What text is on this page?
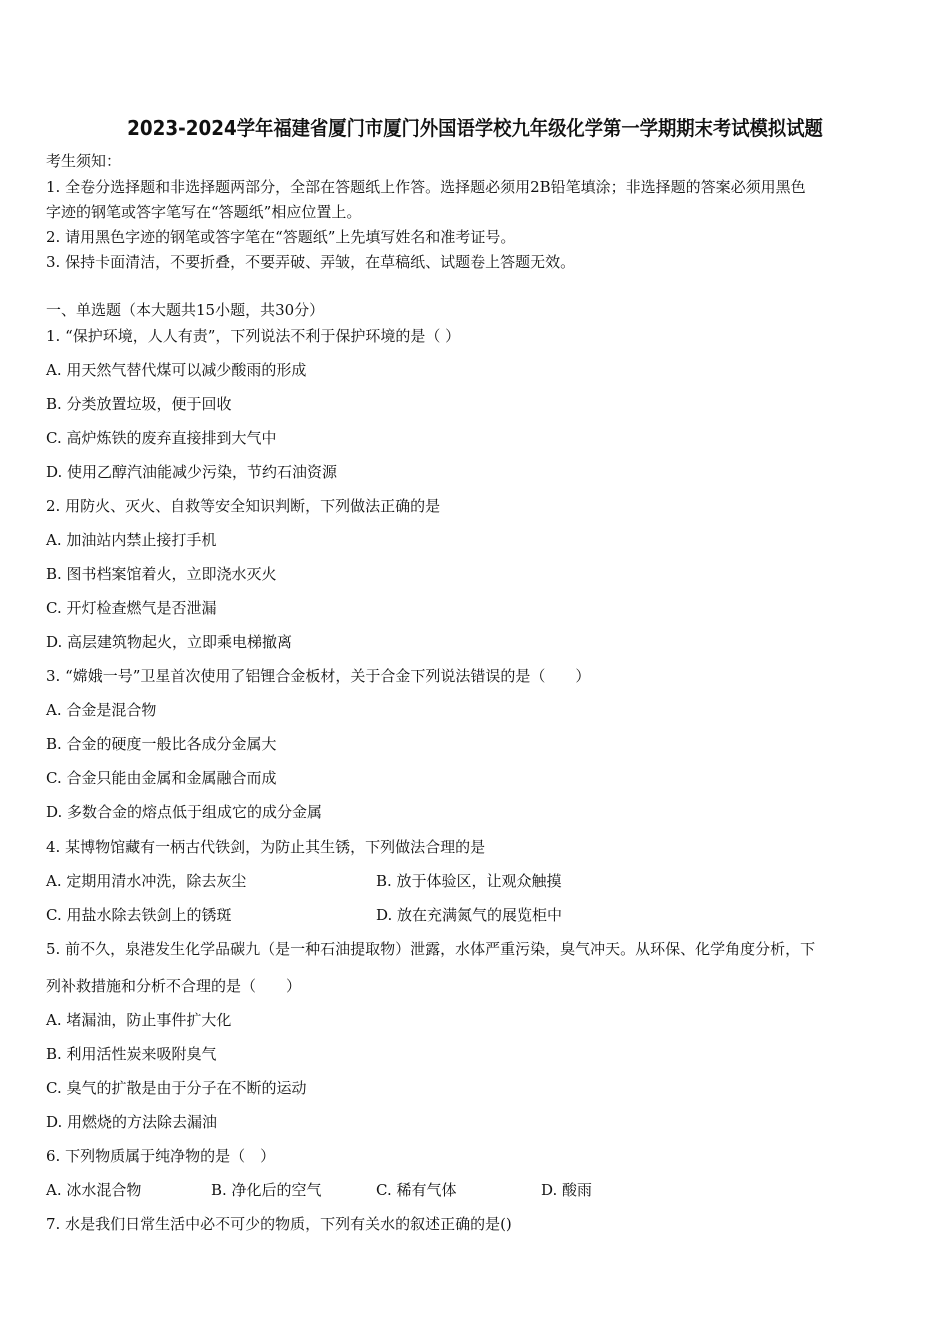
2023-2024学年福建省厦门市厦门外国语学校九年级化学第一学期期末考试模拟试题
考生须知：
1. 全卷分选择题和非选择题两部分，全部在答题纸上作答。选择题必须用2B铅笔填涂；非选择题的答案必须用黑色
字迹的钢笔或答字笔写在“答题纸”相应位置上。
2. 请用黑色字迹的钢笔或答字笔在“答题纸”上先填写姓名和准考证号。
3. 保持卡面清洁，不要折叠，不要弄破、弄皱，在草稿纸、试题卷上答题无效。
一、单选题（本大题共15小题，共30分）
1. “保护环境，人人有责”，下列说法不利于保护环境的是（ ）
A. 用天然气替代煤可以减少酸雨的形成
B. 分类放置垃圾，便于回收
C. 高炉炼铁的废弃直接排到大气中
D. 使用乙醇汽油能减少污染，节约石油资源
2. 用防火、灭火、自救等安全知识判断，下列做法正确的是
A. 加油站内禁止接打手机
B. 图书档案馆着火，立即浇水灭火
C. 开灯检查燃气是否泄漏
D. 高层建筑物起火，立即乘电梯撤离
3. “嫦娥一号”卫星首次使用了铝锂合金板材，关于合金下列说法错误的是（　　）
A. 合金是混合物
B. 合金的硬度一般比各成分金属大
C. 合金只能由金属和金属融合而成
D. 多数合金的熔点低于组成它的成分金属
4. 某博物馆藏有一柄古代铁剑，为防止其生锈，下列做法合理的是
A. 定期用清水冲洗，除去灰尘	B. 放于体验区，让观众触摸
C. 用盐水除去铁剑上的锈斑	D. 放在充满氮气的展览柜中
5. 前不久，泉港发生化学品碳九（是一种石油提取物）泄露，水体严重污染，臭气冲天。从环保、化学角度分析，下
列补救措施和分析不合理的是（　　）
A. 堵漏油，防止事件扩大化
B. 利用活性炭来吸附臭气
C. 臭气的扩散是由于分子在不断的运动
D. 用燃烧的方法除去漏油
6. 下列物质属于纯净物的是（　）
A. 冰水混合物	B. 净化后的空气	C. 稀有气体	D. 酸雨
7. 水是我们日常生活中必不可少的物质，下列有关水的叙述正确的是()
